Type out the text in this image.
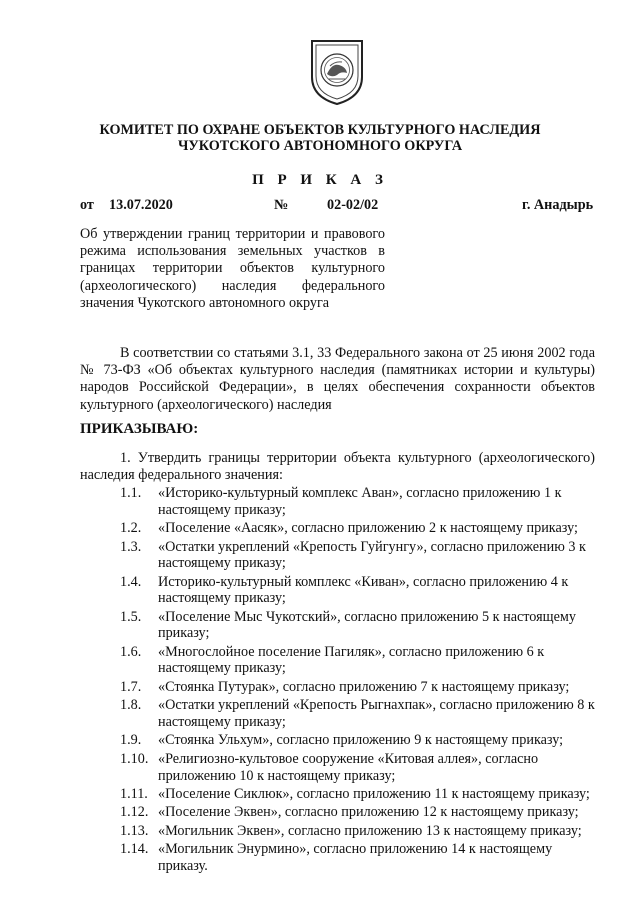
КОМИТЕТ ПО ОХРАНЕ ОБЪЕКТОВ КУЛЬТУРНОГО НАСЛЕДИЯ
ЧУКОТСКОГО АВТОНОМНОГО ОКРУГА
П Р И К А З
от 13.07.2020	№	02-02/02	г. Анадырь
Об утверждении границ территории и правового
режима использования земельных участков в
границах территории объектов культурного
(археологического) наследия федерального
значения Чукотского автономного округа
В соответствии со статьями 3.1, 33 Федерального закона от 25 июня 2002 года
№ 73-ФЗ «Об объектах культурного наследия (памятниках истории и культуры)
народов Российской Федерации», в целях обеспечения сохранности объектов
культурного (археологического) наследия
ПРИКАЗЫВАЮ:
1. Утвердить границы территории объекта культурного (археологического)
наследия федерального значения:
1.1.	«Историко-культурный комплекс Аван», согласно приложению 1 к
настоящему приказу;
1.2.	«Поселение «Аасяк», согласно приложению 2 к настоящему приказу;
1.3.	«Остатки укреплений «Крепость Гуйгунгу», согласно приложению 3 к
настоящему приказу;
1.4.	Историко-культурный комплекс «Киван», согласно приложению 4 к
настоящему приказу;
1.5.	«Поселение Мыс Чукотский», согласно приложению 5 к настоящему
приказу;
1.6.	«Многослойное поселение Пагиляк», согласно приложению 6 к
настоящему приказу;
1.7.	«Стоянка Путурак», согласно приложению 7 к настоящему приказу;
1.8.	«Остатки укреплений «Крепость Рыгнахпак», согласно приложению 8 к
настоящему приказу;
1.9.	«Стоянка Ульхум», согласно приложению 9 к настоящему приказу;
1.10. «Религиозно-культовое сооружение «Китовая аллея», согласно
приложению 10 к настоящему приказу;
1.11. «Поселение Сиклюк», согласно приложению 11 к настоящему приказу;
1.12. «Поселение Эквен», согласно приложению 12 к настоящему приказу;
1.13. «Могильник Эквен», согласно приложению 13 к настоящему приказу;
1.14. «Могильник Энурмино», согласно приложению 14 к настоящему
приказу.
